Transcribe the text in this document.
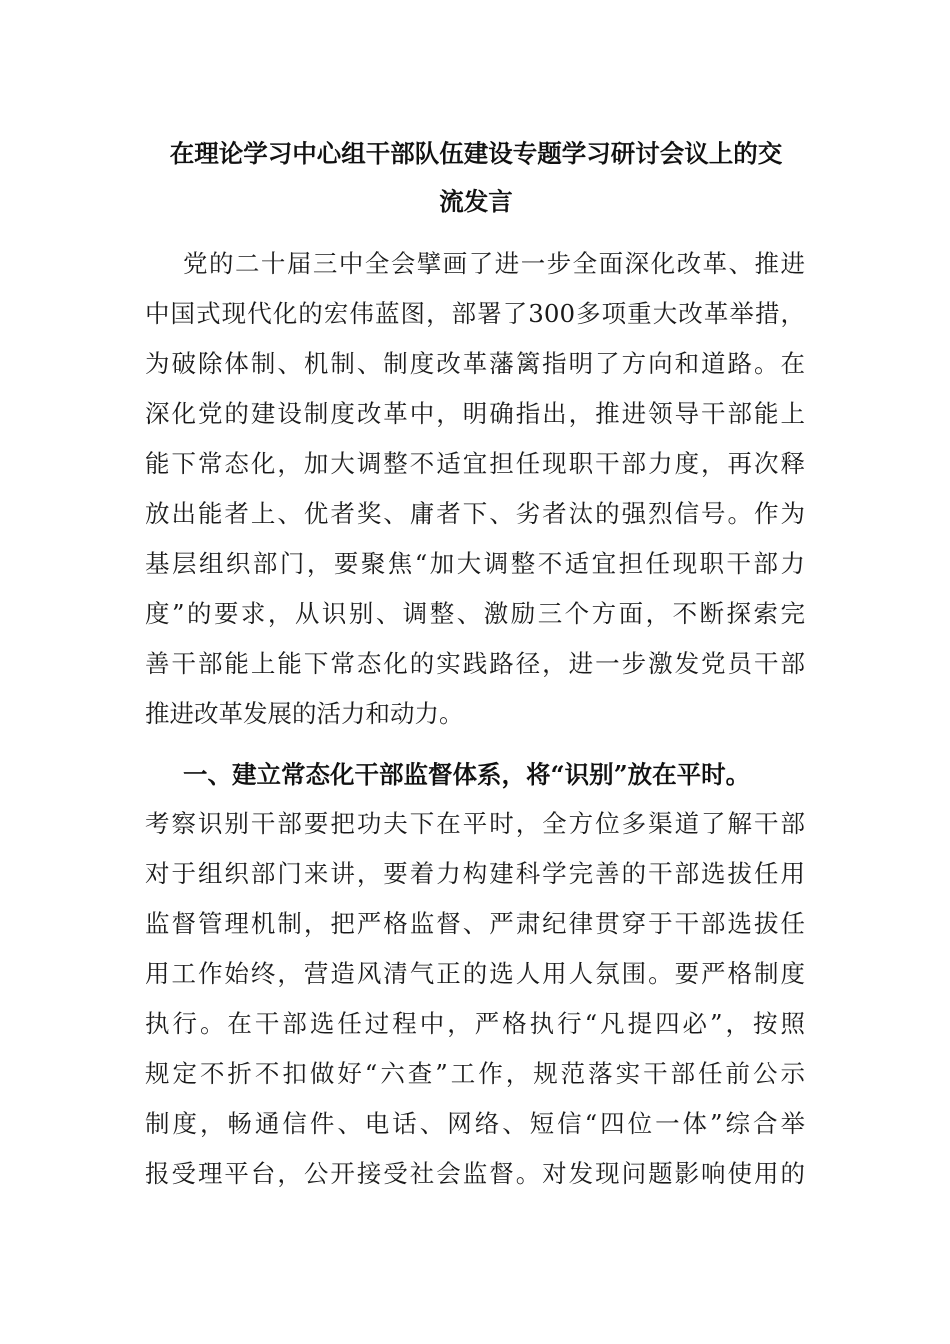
在理论学习中心组干部队伍建设专题学习研讨会议上的交
流发言
党的二十届三中全会擘画了进一步全面深化改革、推进
中国式现代化的宏伟蓝图，部署了300多项重大改革举措，
为破除体制、机制、制度改革藩篱指明了方向和道路。在
深化党的建设制度改革中，明确指出，推进领导干部能上
能下常态化，加大调整不适宜担任现职干部力度，再次释
放出能者上、优者奖、庸者下、劣者汰的强烈信号。作为
基层组织部门，要聚焦“加大调整不适宜担任现职干部力
度”的要求，从识别、调整、激励三个方面，不断探索完
善干部能上能下常态化的实践路径，进一步激发党员干部
推进改革发展的活力和动力。
一、建立常态化干部监督体系，将“识别”放在平时。
考察识别干部要把功夫下在平时，全方位多渠道了解干部
对于组织部门来讲，要着力构建科学完善的干部选拔任用
监督管理机制，把严格监督、严肃纪律贯穿于干部选拔任
用工作始终，营造风清气正的选人用人氛围。要严格制度
执行。在干部选任过程中，严格执行“凡提四必”，按照
规定不折不扣做好“六查”工作，规范落实干部任前公示
制度，畅通信件、电话、网络、短信“四位一体”综合举
报受理平台，公开接受社会监督。对发现问题影响使用的
